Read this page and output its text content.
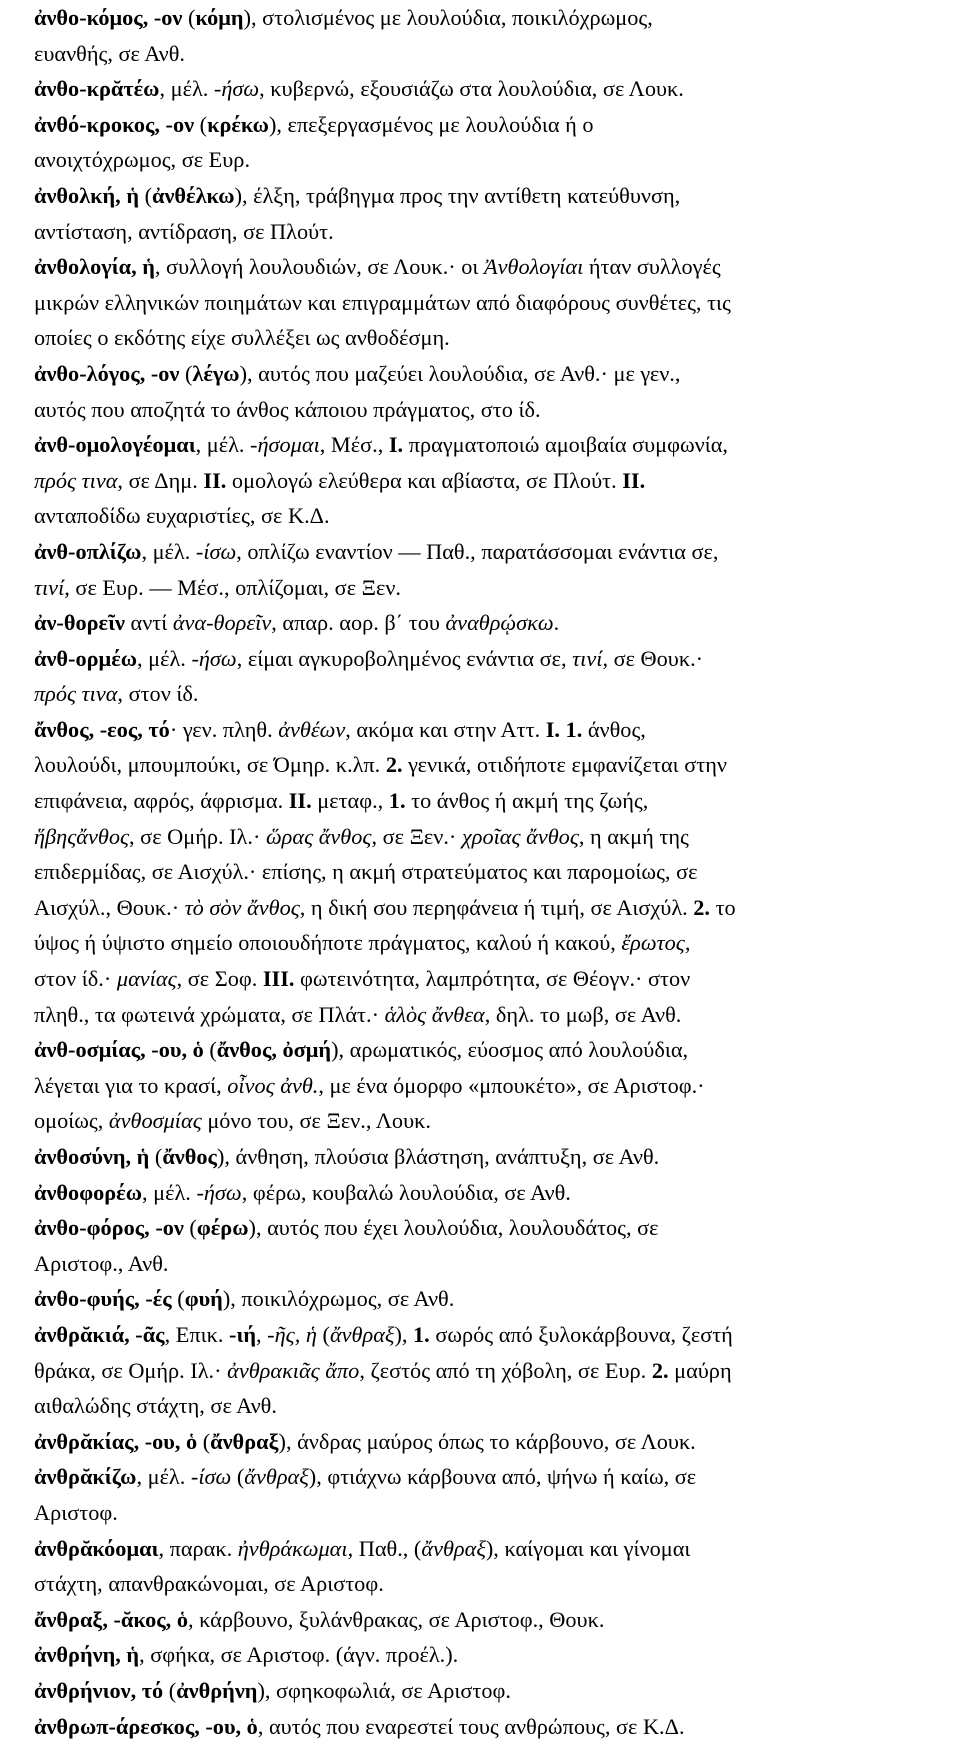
ἀνθο-κόμος, -ον (κόμη), στολισμένος με λουλούδια, ποικιλόχρωμος,
ευανθής, σε Ανθ.
ἀνθο-κρᾰτέω, μέλ. -ήσω, κυβερνώ, εξουσιάζω στα λουλούδια, σε Λουκ.
ἀνθό-κροκος, -ον (κρέκω), επεξεργασμένος με λουλούδια ή ο
ανοιχτόχρωμος, σε Ευρ.
ἀνθολκή, ἡ (ἀνθέλκω), έλξη, τράβηγμα προς την αντίθετη κατεύθυνση,
αντίσταση, αντίδραση, σε Πλούτ.
ἀνθολογία, ἡ, συλλογή λουλουδιών, σε Λουκ.· οι Ἀνθολογίαι ήταν συλλογές
μικρών ελληνικών ποιημάτων και επιγραμμάτων από διαφόρους συνθέτες, τις
οποίες ο εκδότης είχε συλλέξει ως ανθοδέσμη.
ἀνθο-λόγος, -ον (λέγω), αυτός που μαζεύει λουλούδια, σε Ανθ.· με γεν.,
αυτός που αποζητά το άνθος κάποιου πράγματος, στο ίδ.
ἀνθ-ομολογέομαι, μέλ. -ήσομαι, Μέσ., I. πραγματοποιώ αμοιβαία συμφωνία,
πρός τινα, σε Δημ. II. ομολογώ ελεύθερα και αβίαστα, σε Πλούτ. II.
ανταποδίδω ευχαριστίες, σε Κ.Δ.
ἀνθ-οπλίζω, μέλ. -ίσω, οπλίζω εναντίον — Παθ., παρατάσσομαι ενάντια σε,
τινί, σε Ευρ. — Μέσ., οπλίζομαι, σε Ξεν.
ἀν-θορεῖν αντί ἀνα-θορεῖν, απαρ. αορ. β΄ του ἀναθρῴσκω.
ἀνθ-ορμέω, μέλ. -ήσω, είμαι αγκυροβολημένος ενάντια σε, τινί, σε Θουκ.·
πρός τινα, στον ίδ.
ἄνθος, -εος, τό· γεν. πληθ. ἀνθέων, ακόμα και στην Αττ. I. 1. άνθος,
λουλούδι, μπουμπούκι, σε Όμηρ. κ.λπ. 2. γενικά, οτιδήποτε εμφανίζεται στην
επιφάνεια, αφρός, άφρισμα. II. μεταφ., 1. το άνθος ή ακμή της ζωής,
ἥβηςἄνθος, σε Ομήρ. Ιλ.· ὥρας ἄνθος, σε Ξεν.· χροῖας ἄνθος, η ακμή της
επιδερμίδας, σε Αισχύλ.· επίσης, η ακμή στρατεύματος και παρομοίως, σε
Αισχύλ., Θουκ.· τὸ σὸν ἄνθος, η δική σου περηφάνεια ή τιμή, σε Αισχύλ. 2. το
ύψος ή ύψιστο σημείο οποιουδήποτε πράγματος, καλού ή κακού, ἔρωτος,
στον ίδ.· μανίας, σε Σοφ. III. φωτεινότητα, λαμπρότητα, σε Θέογν.· στον
πληθ., τα φωτεινά χρώματα, σε Πλάτ.· ἁλὸς ἄνθεα, δηλ. το μωβ, σε Ανθ.
ἀνθ-οσμίας, -ου, ὁ (ἄνθος, ὀσμή), αρωματικός, εύοσμος από λουλούδια,
λέγεται για το κρασί, οἶνος ἀνθ., με ένα όμορφο «μπουκέτο», σε Αριστοφ.·
ομοίως, ἀνθοσμίας μόνο του, σε Ξεν., Λουκ.
ἀνθοσύνη, ἡ (ἄνθος), άνθηση, πλούσια βλάστηση, ανάπτυξη, σε Ανθ.
ἀνθοφορέω, μέλ. -ήσω, φέρω, κουβαλώ λουλούδια, σε Ανθ.
ἀνθο-φόρος, -ον (φέρω), αυτός που έχει λουλούδια, λουλουδάτος, σε
Αριστοφ., Ανθ.
ἀνθο-φυής, -ές (φυή), ποικιλόχρωμος, σε Ανθ.
ἀνθρᾰκιά, -ᾶς, Επικ. -ιή, -ῆς, ἡ (ἄνθραξ), 1. σωρός από ξυλοκάρβουνα, ζεστή
θράκα, σε Ομήρ. Ιλ.· ἀνθρακιᾶς ἄπο, ζεστός από τη χόβολη, σε Ευρ. 2. μαύρη
αιθαλώδης στάχτη, σε Ανθ.
ἀνθρᾰκίας, -ου, ὁ (ἄνθραξ), άνδρας μαύρος όπως το κάρβουνο, σε Λουκ.
ἀνθρᾰκίζω, μέλ. -ίσω (ἄνθραξ), φτιάχνω κάρβουνα από, ψήνω ή καίω, σε
Αριστοφ.
ἀνθρᾰκόομαι, παρακ. ἠνθράκωμαι, Παθ., (ἄνθραξ), καίγομαι και γίνομαι
στάχτη, απανθρακώνομαι, σε Αριστοφ.
ἄνθραξ, -ᾰκος, ὁ, κάρβουνο, ξυλάνθρακας, σε Αριστοφ., Θουκ.
ἀνθρήνη, ἡ, σφήκα, σε Αριστοφ. (άγν. προέλ.).
ἀνθρήνιον, τό (ἀνθρήνη), σφηκοφωλιά, σε Αριστοφ.
ἀνθρωπ-άρεσκος, -ου, ὁ, αυτός που εναρεστεί τους ανθρώπους, σε Κ.Δ.
